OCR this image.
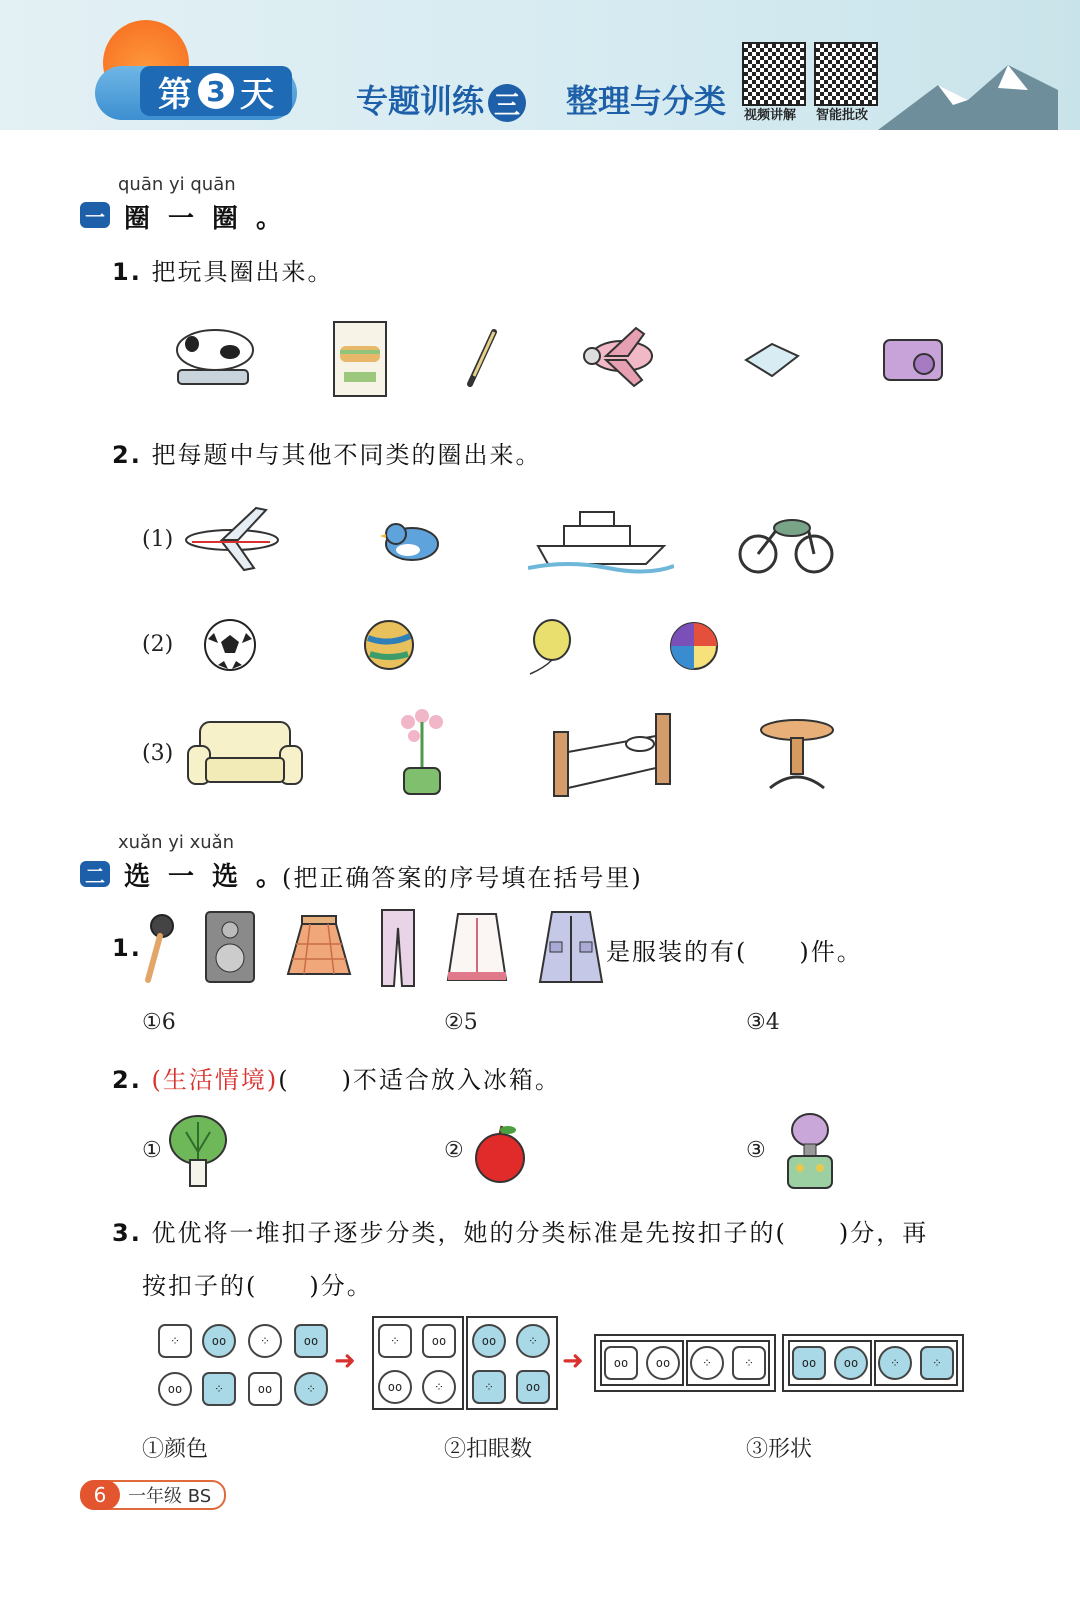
第 3 天	专题训练 三 整理与分类 视频讲解 智能批改
quān yi quān
一 圈一圈。
1. 把玩具圈出来。
2. 把每题中与其他不同类的圈出来。
(1)
(2)
(3)
xuǎn yi xuǎn
二 选一选。
(把正确答案的序号填在括号里)
1.	是服装的有(　　)件。
①6	②5	③4
2. (生活情境)(　　)不适合放入冰箱。
①	②	③
3. 优优将一堆扣子逐步分类，她的分类标准是先按扣子的(　　)分，再
按扣子的(　　)分。
⁘	oo	⁘	oo
oo	⁘	oo	⁘
➜
⁘	oo
oo	⁘
oo	⁘
⁘	oo
➜	oo	oo	⁘	⁘	oo	oo	⁘	⁘
①颜色	②扣眼数	③形状
6	一年级 BS
